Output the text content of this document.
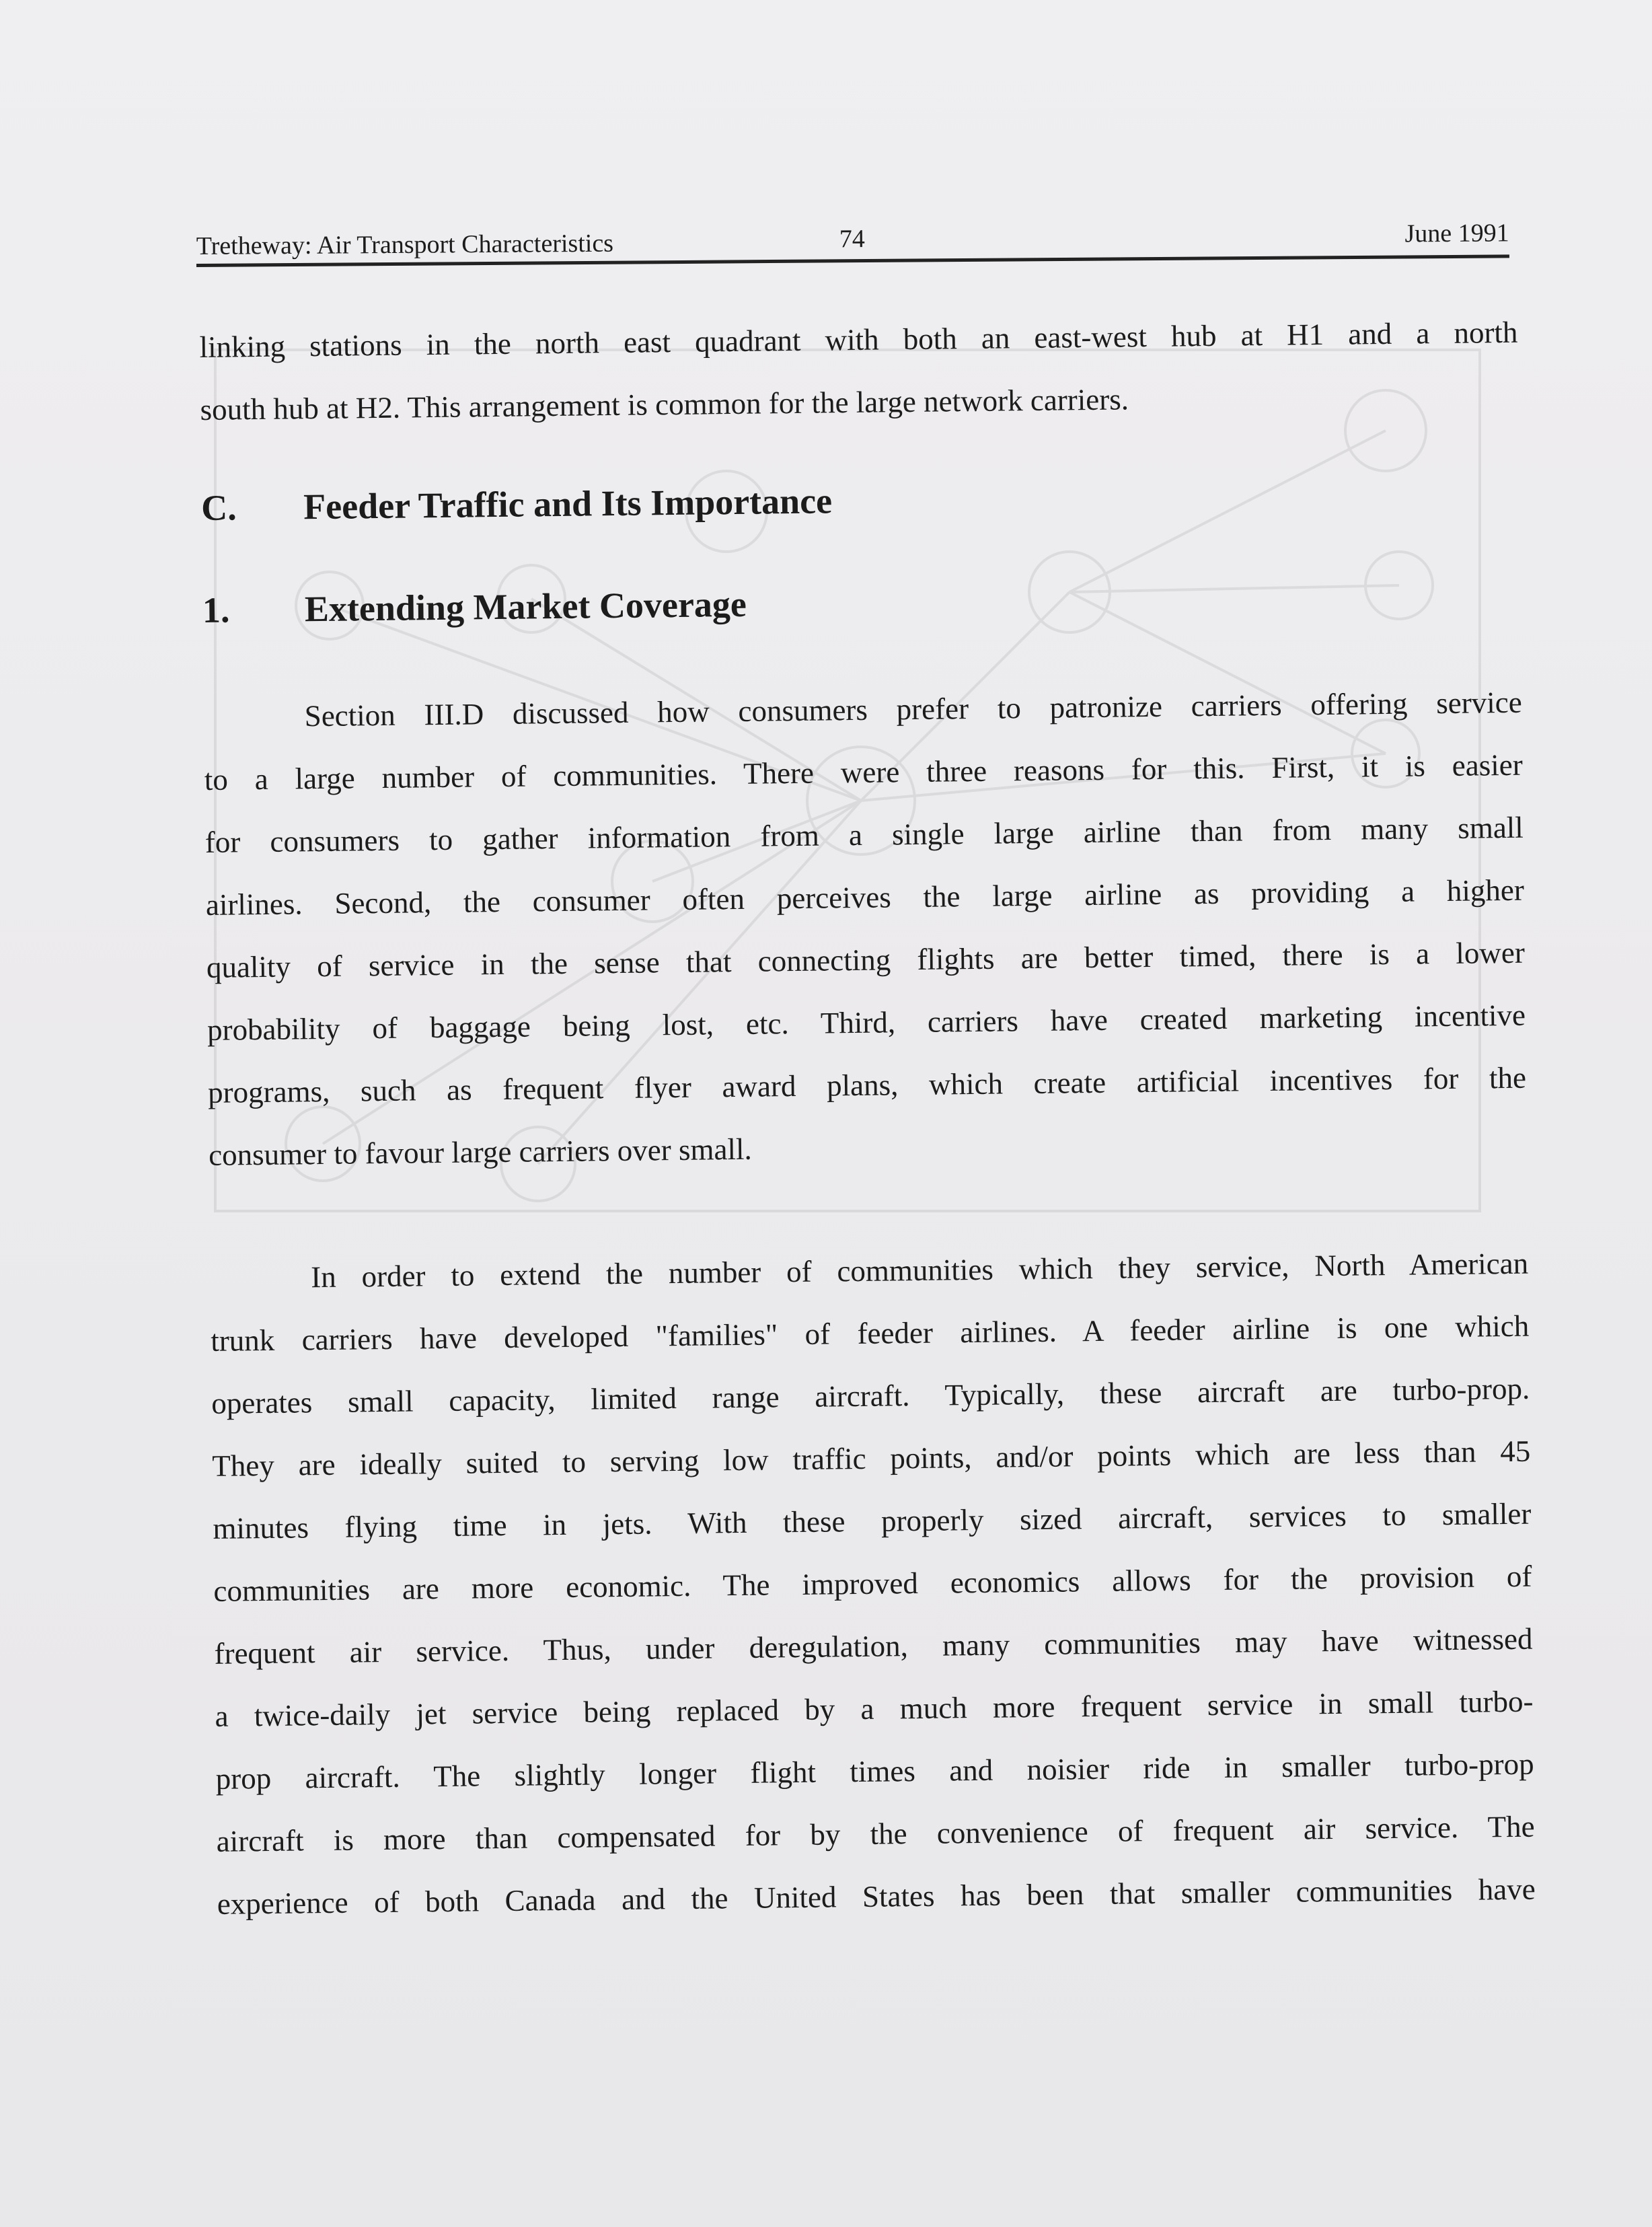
Tretheway: Air Transport Characteristics	74	June 1991

linking stations in the north east quadrant with both an east-west hub at H1 and a north
south hub at H2. This arrangement is common for the large network carriers.

C.	Feeder Traffic and Its Importance
1.	Extending Market Coverage

Section III.D discussed how consumers prefer to patronize carriers offering service
to a large number of communities. There were three reasons for this. First, it is easier
for consumers to gather information from a single large airline than from many small
airlines. Second, the consumer often perceives the large airline as providing a higher
quality of service in the sense that connecting flights are better timed, there is a lower
probability of baggage being lost, etc. Third, carriers have created marketing incentive
programs, such as frequent flyer award plans, which create artificial incentives for the
consumer to favour large carriers over small.

In order to extend the number of communities which they service, North American
trunk carriers have developed "families" of feeder airlines. A feeder airline is one which
operates small capacity, limited range aircraft. Typically, these aircraft are turbo-prop.
They are ideally suited to serving low traffic points, and/or points which are less than 45
minutes flying time in jets. With these properly sized aircraft, services to smaller
communities are more economic. The improved economics allows for the provision of
frequent air service. Thus, under deregulation, many communities may have witnessed
a twice-daily jet service being replaced by a much more frequent service in small turbo-
prop aircraft. The slightly longer flight times and noisier ride in smaller turbo-prop
aircraft is more than compensated for by the convenience of frequent air service. The
experience of both Canada and the United States has been that smaller communities have
